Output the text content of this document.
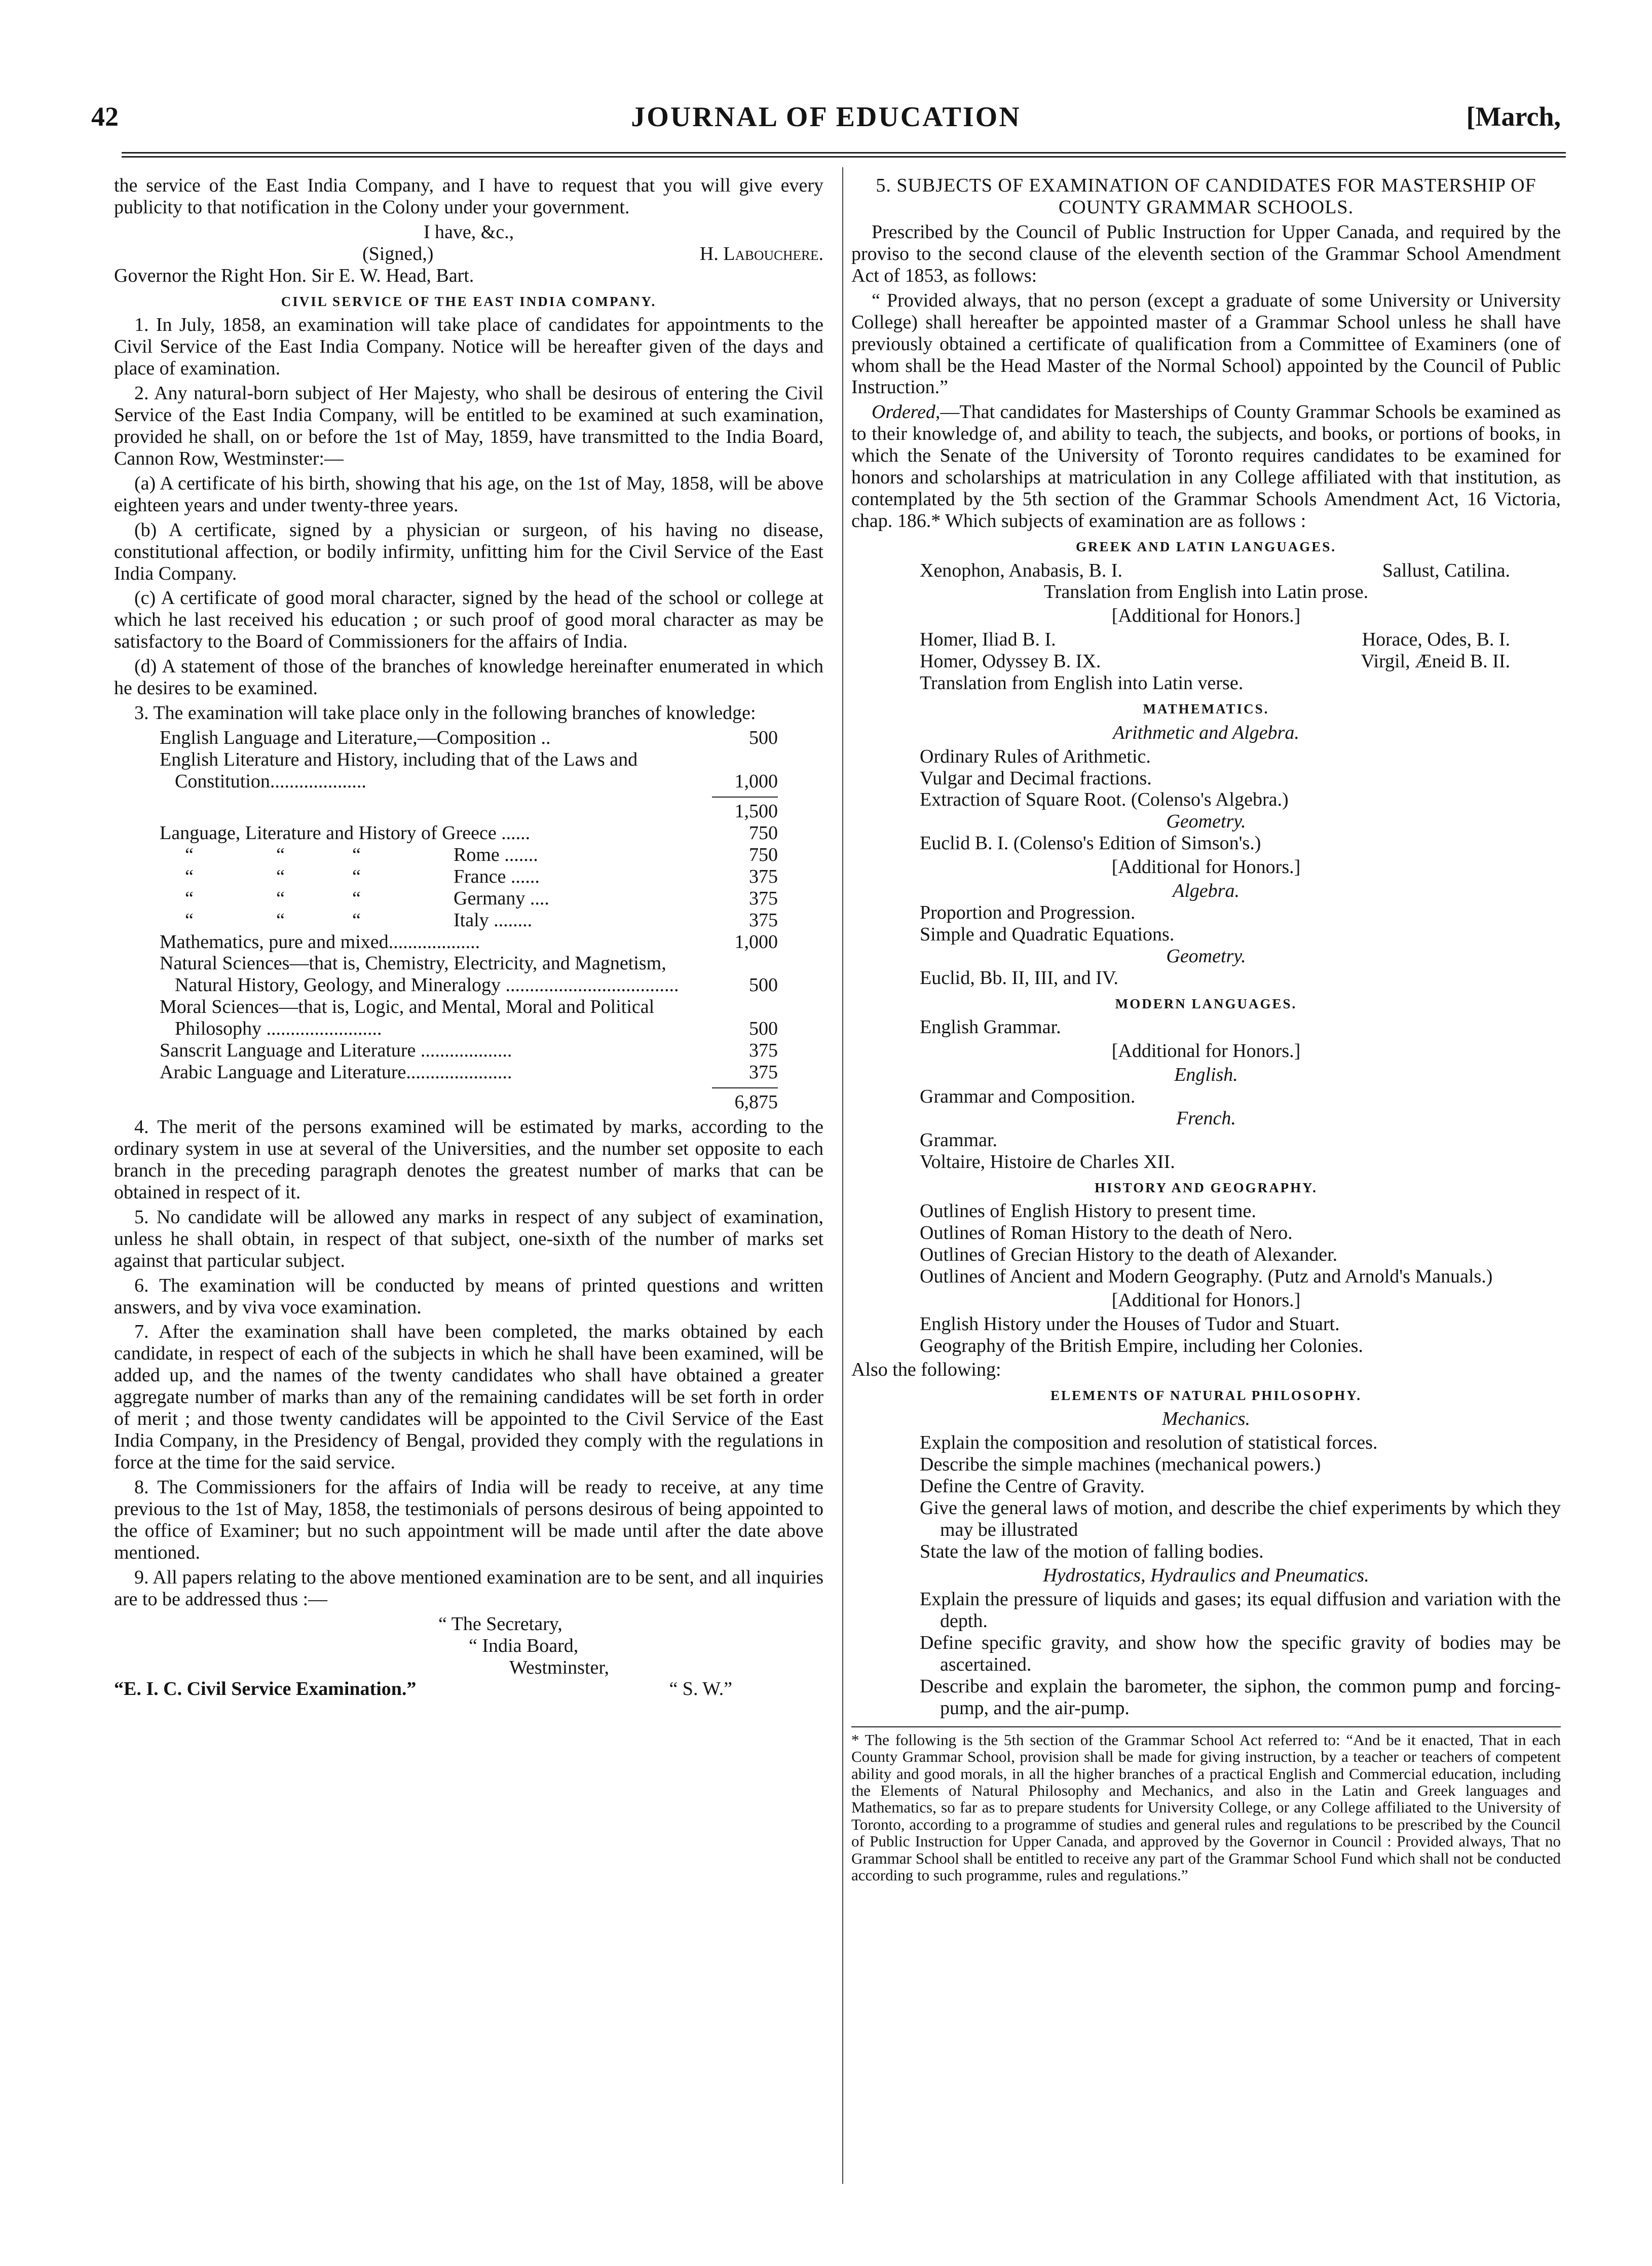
42	JOURNAL OF EDUCATION	[March,

the service of the East India Company, and I have to request that you will give every publicity to that notification in the Colony under your government.

I have, &c.,

(Signed,)	H. Labouchere.

Governor the Right Hon. Sir E. W. Head, Bart.

CIVIL SERVICE OF THE EAST INDIA COMPANY.

1. In July, 1858, an examination will take place of candidates for appointments to the Civil Service of the East India Company. Notice will be hereafter given of the days and place of examination.

2. Any natural-born subject of Her Majesty, who shall be desirous of entering the Civil Service of the East India Company, will be entitled to be examined at such examination, provided he shall, on or before the 1st of May, 1859, have transmitted to the India Board, Cannon Row, Westminster:—

(a) A certificate of his birth, showing that his age, on the 1st of May, 1858, will be above eighteen years and under twenty-three years.

(b) A certificate, signed by a physician or surgeon, of his having no disease, constitutional affection, or bodily infirmity, unfitting him for the Civil Service of the East India Company.

(c) A certificate of good moral character, signed by the head of the school or college at which he last received his education ; or such proof of good moral character as may be satisfactory to the Board of Commissioners for the affairs of India.

(d) A statement of those of the branches of knowledge hereinafter enumerated in which he desires to be examined.

3. The examination will take place only in the following branches of knowledge:

English Language and Literature,—Composition ..	500
English Literature and History, including that of the Laws and Constitution....................	1,000
1,500
Language, Literature and History of Greece ......	750
“	“	“	Rome .......	750
“	“	“	France ......	375
“	“	“	Germany ....	375
“	“	“	Italy ........	375
Mathematics, pure and mixed...................	1,000
Natural Sciences—that is, Chemistry, Electricity, and Magnetism, Natural History, Geology, and Mineralogy ....................................	500
Moral Sciences—that is, Logic, and Mental, Moral and Political Philosophy ........................	500
Sanscrit Language and Literature ...................	375
Arabic Language and Literature......................	375
6,875

4. The merit of the persons examined will be estimated by marks, according to the ordinary system in use at several of the Universities, and the number set opposite to each branch in the preceding paragraph denotes the greatest number of marks that can be obtained in respect of it.

5. No candidate will be allowed any marks in respect of any subject of examination, unless he shall obtain, in respect of that subject, one-sixth of the number of marks set against that particular subject.

6. The examination will be conducted by means of printed questions and written answers, and by viva voce examination.

7. After the examination shall have been completed, the marks obtained by each candidate, in respect of each of the subjects in which he shall have been examined, will be added up, and the names of the twenty candidates who shall have obtained a greater aggregate number of marks than any of the remaining candidates will be set forth in order of merit ; and those twenty candidates will be appointed to the Civil Service of the East India Company, in the Presidency of Bengal, provided they comply with the regulations in force at the time for the said service.

8. The Commissioners for the affairs of India will be ready to receive, at any time previous to the 1st of May, 1858, the testimonials of persons desirous of being appointed to the office of Examiner; but no such appointment will be made until after the date above mentioned.

9. All papers relating to the above mentioned examination are to be sent, and all inquiries are to be addressed thus :—

“ The Secretary,

“ India Board,

Westminster,

“E. I. C. Civil Service Examination.”	“ S. W.”

5. SUBJECTS OF EXAMINATION OF CANDIDATES FOR MASTERSHIP OF COUNTY GRAMMAR SCHOOLS.

Prescribed by the Council of Public Instruction for Upper Canada, and required by the proviso to the second clause of the eleventh section of the Grammar School Amendment Act of 1853, as follows:

“ Provided always, that no person (except a graduate of some University or University College) shall hereafter be appointed master of a Grammar School unless he shall have previously obtained a certificate of qualification from a Committee of Examiners (one of whom shall be the Head Master of the Normal School) appointed by the Council of Public Instruction.”

Ordered,—That candidates for Masterships of County Grammar Schools be examined as to their knowledge of, and ability to teach, the subjects, and books, or portions of books, in which the Senate of the University of Toronto requires candidates to be examined for honors and scholarships at matriculation in any College affiliated with that institution, as contemplated by the 5th section of the Grammar Schools Amendment Act, 16 Victoria, chap. 186.* Which subjects of examination are as follows :

GREEK AND LATIN LANGUAGES.
Xenophon, Anabasis, B. I.	Sallust, Catilina.

Translation from English into Latin prose.

[Additional for Honors.]

Homer, Iliad B. I.	Horace, Odes, B. I.
Homer, Odyssey B. IX.	Virgil, Æneid B. II.

Translation from English into Latin verse.

MATHEMATICS.

Arithmetic and Algebra.

Ordinary Rules of Arithmetic.

Vulgar and Decimal fractions.

Extraction of Square Root. (Colenso's Algebra.)

Geometry.

Euclid B. I. (Colenso's Edition of Simson's.)

[Additional for Honors.]

Algebra.

Proportion and Progression.

Simple and Quadratic Equations.

Geometry.

Euclid, Bb. II, III, and IV.

MODERN LANGUAGES.

English Grammar.

[Additional for Honors.]

English.

Grammar and Composition.

French.

Grammar.

Voltaire, Histoire de Charles XII.

HISTORY AND GEOGRAPHY.

Outlines of English History to present time.

Outlines of Roman History to the death of Nero.

Outlines of Grecian History to the death of Alexander.

Outlines of Ancient and Modern Geography. (Putz and Arnold's Manuals.)

[Additional for Honors.]

English History under the Houses of Tudor and Stuart.

Geography of the British Empire, including her Colonies.

Also the following:

ELEMENTS OF NATURAL PHILOSOPHY.

Mechanics.

Explain the composition and resolution of statistical forces.

Describe the simple machines (mechanical powers.)

Define the Centre of Gravity.

Give the general laws of motion, and describe the chief experiments by which they may be illustrated

State the law of the motion of falling bodies.

Hydrostatics, Hydraulics and Pneumatics.

Explain the pressure of liquids and gases; its equal diffusion and variation with the depth.

Define specific gravity, and show how the specific gravity of bodies may be ascertained.

Describe and explain the barometer, the siphon, the common pump and forcing-pump, and the air-pump.

* The following is the 5th section of the Grammar School Act referred to: “And be it enacted, That in each County Grammar School, provision shall be made for giving instruction, by a teacher or teachers of competent ability and good morals, in all the higher branches of a practical English and Commercial education, including the Elements of Natural Philosophy and Mechanics, and also in the Latin and Greek languages and Mathematics, so far as to prepare students for University College, or any College affiliated to the University of Toronto, according to a programme of studies and general rules and regulations to be prescribed by the Council of Public Instruction for Upper Canada, and approved by the Governor in Council : Provided always, That no Grammar School shall be entitled to receive any part of the Grammar School Fund which shall not be conducted according to such programme, rules and regulations.”
